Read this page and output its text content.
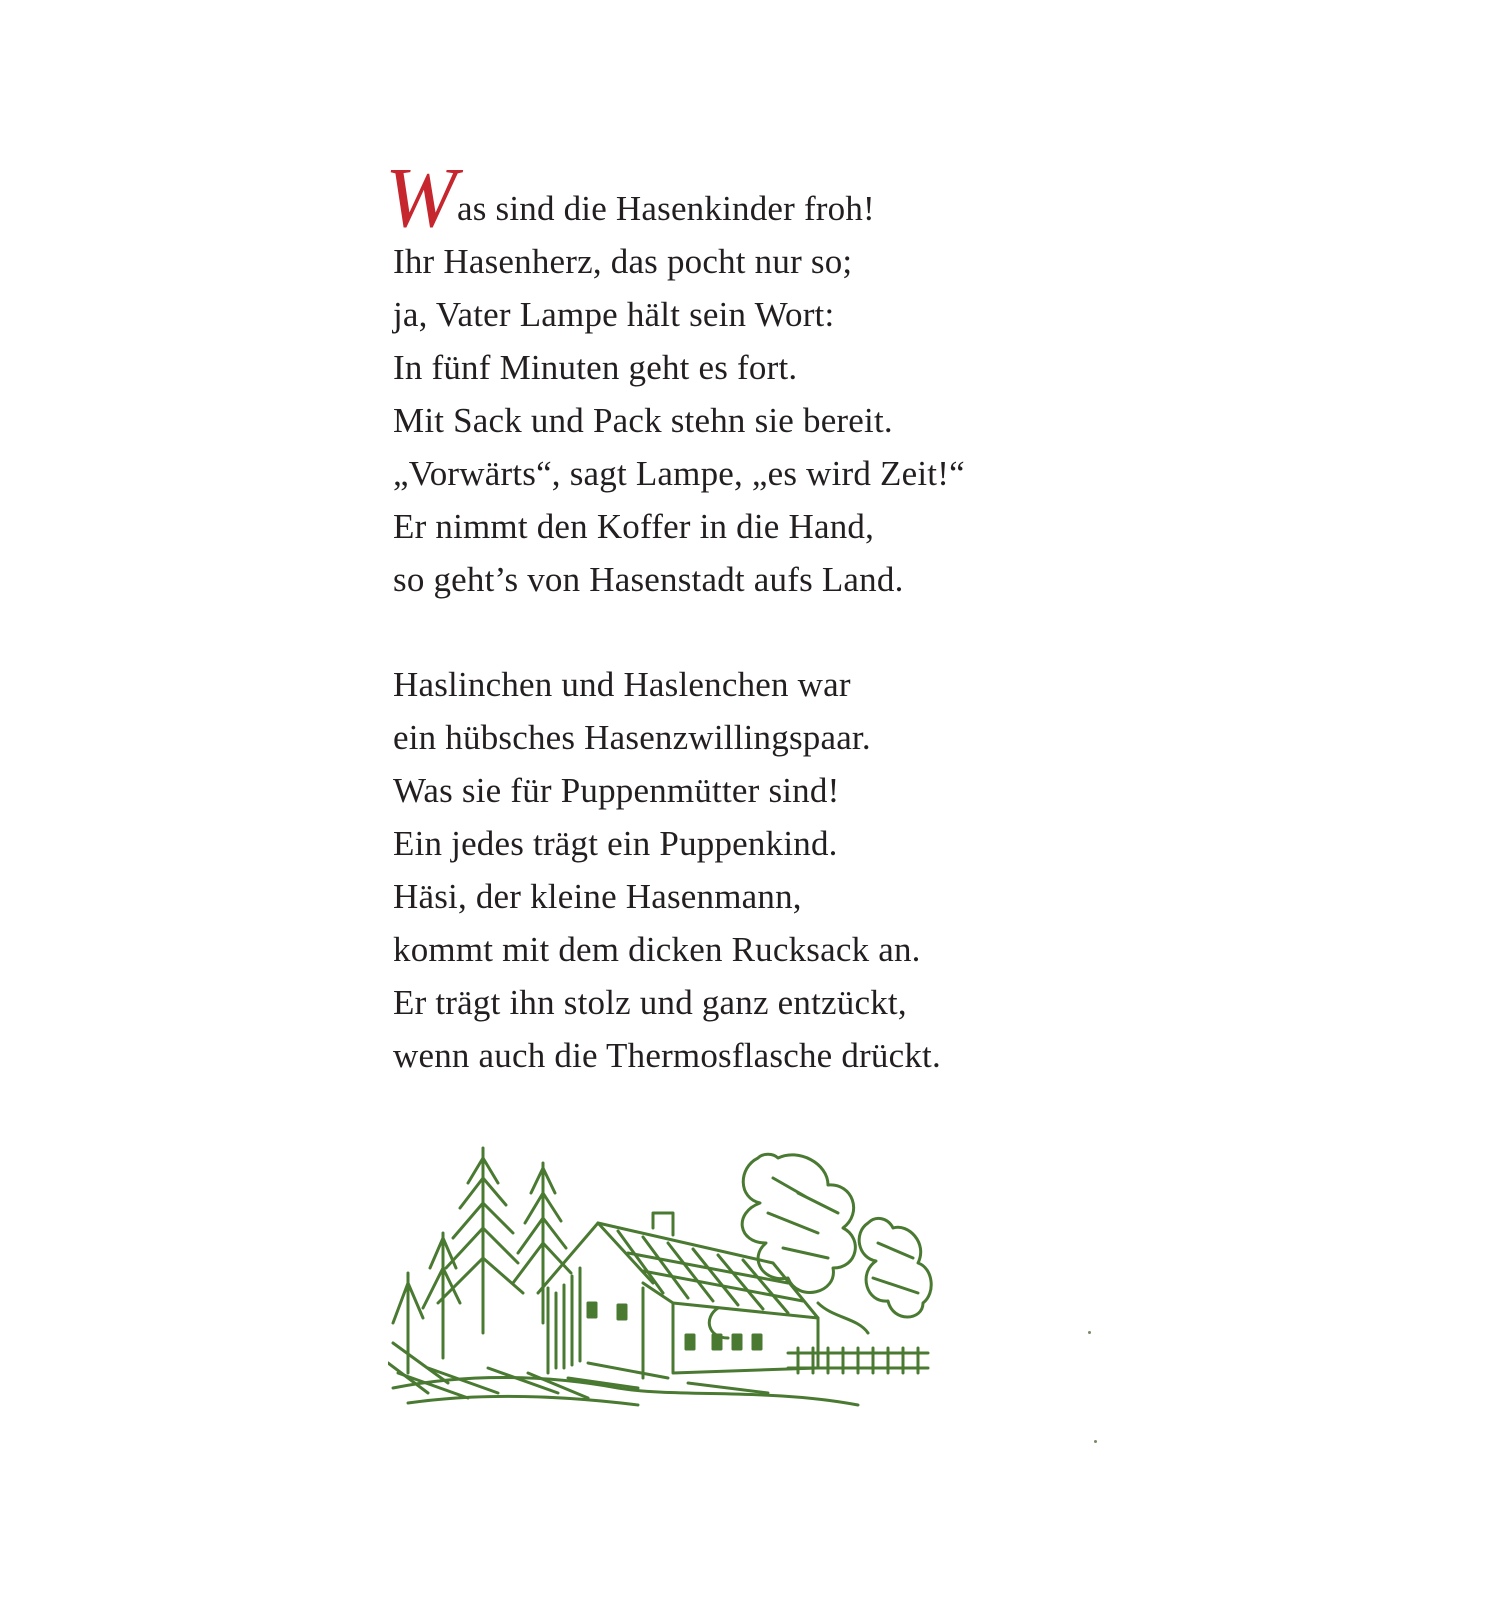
W as sind die Hasenkinder froh!
Ihr Hasenherz, das pocht nur so;
ja, Vater Lampe hält sein Wort:
In fünf Minuten geht es fort.
Mit Sack und Pack stehn sie bereit.
„Vorwärts“, sagt Lampe, „es wird Zeit!“
Er nimmt den Koffer in die Hand,
so geht’s von Hasenstadt aufs Land.
Haslinchen und Haslenchen war
ein hübsches Hasenzwillingspaar.
Was sie für Puppenmütter sind!
Ein jedes trägt ein Puppenkind.
Häsi, der kleine Hasenmann,
kommt mit dem dicken Rucksack an.
Er trägt ihn stolz und ganz entzückt,
wenn auch die Thermosflasche drückt.
